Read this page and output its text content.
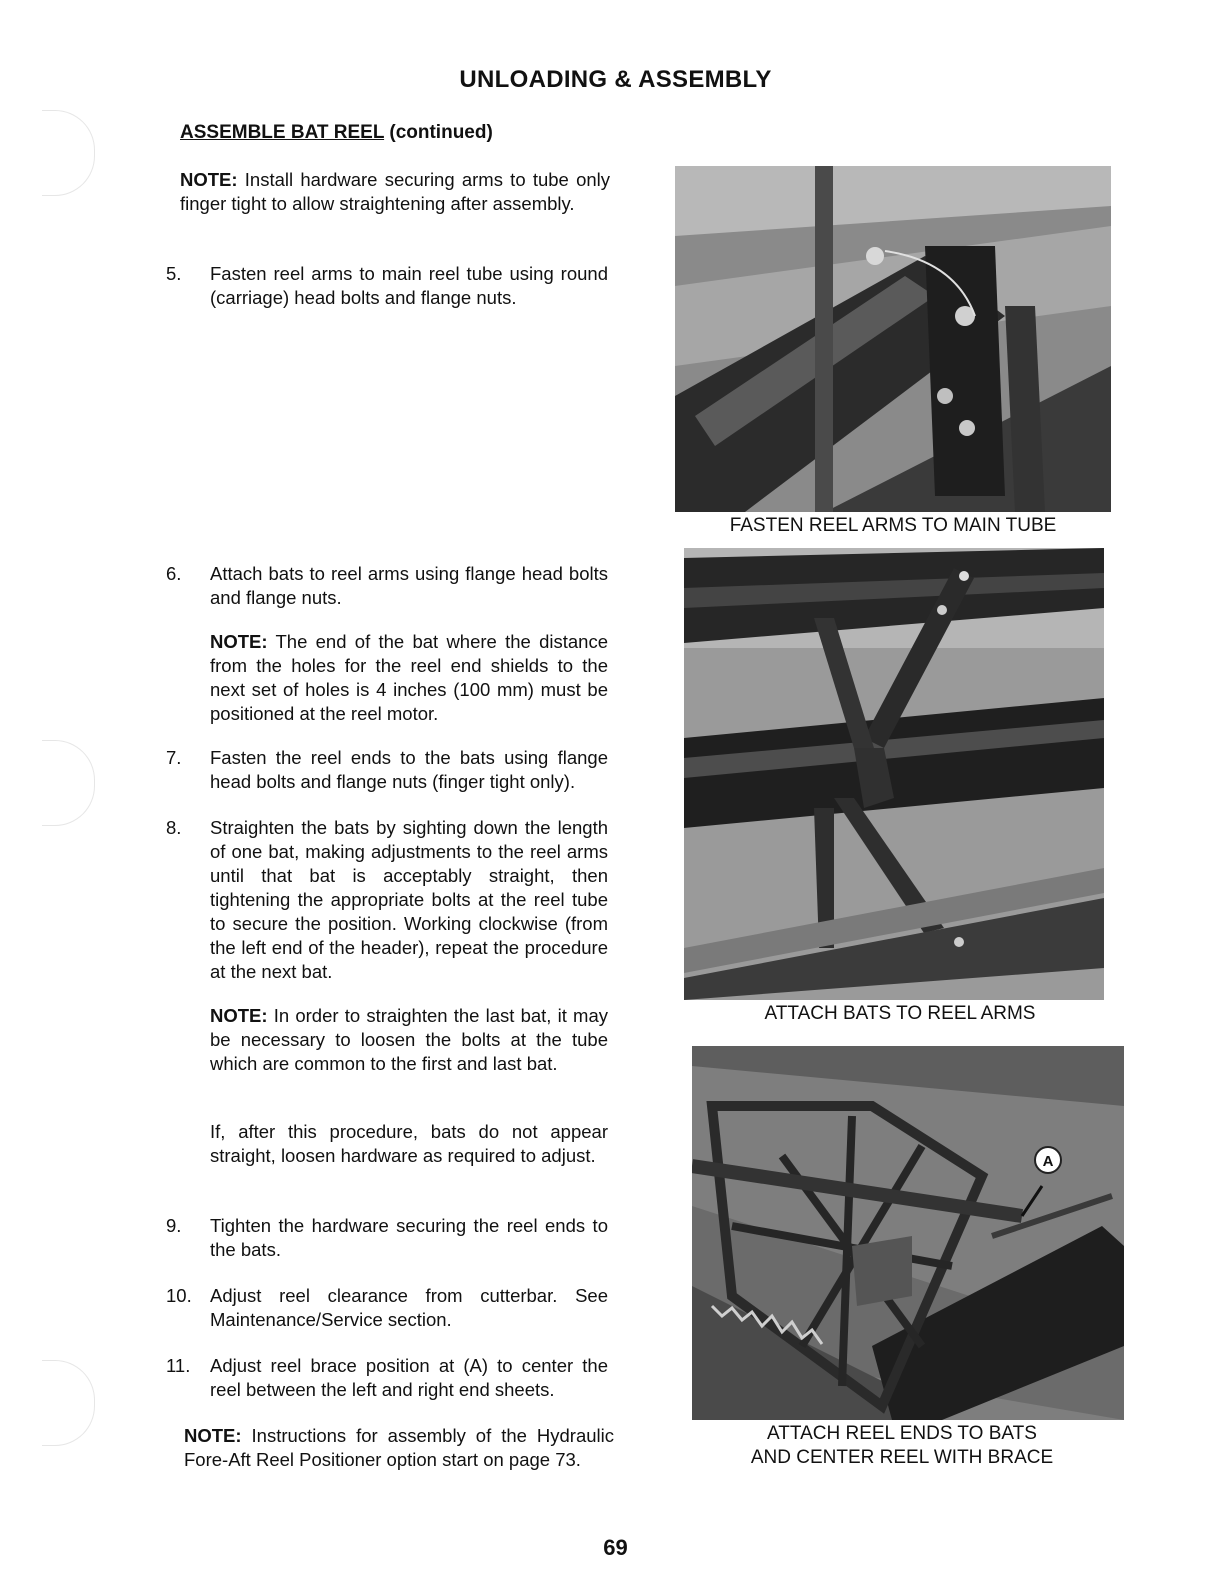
UNLOADING & ASSEMBLY
ASSEMBLE BAT REEL (continued)
NOTE: Install hardware securing arms to tube only finger tight to allow straightening after assembly.
5.	Fasten reel arms to main reel tube using round (carriage) head bolts and flange nuts.
6.	Attach bats to reel arms using flange head bolts and flange nuts.
NOTE: The end of the bat where the distance from the holes for the reel end shields to the next set of holes is 4 inches (100 mm) must be positioned at the reel motor.
7.	Fasten the reel ends to the bats using flange head bolts and flange nuts (finger tight only).
8.	Straighten the bats by sighting down the length of one bat, making adjustments to the reel arms until that bat is acceptably straight, then tightening the appropriate bolts at the reel tube to secure the position. Working clockwise (from the left end of the header), repeat the procedure at the next bat.
NOTE: In order to straighten the last bat, it may be necessary to loosen the bolts at the tube which are common to the first and last bat.
If, after this procedure, bats do not appear straight, loosen hardware as required to adjust.
9.	Tighten the hardware securing the reel ends to the bats.
10. Adjust reel clearance from cutterbar. See Maintenance/Service section.
11.	Adjust reel brace position at (A) to center the reel between the left and right end sheets.
NOTE: Instructions for assembly of the Hydraulic Fore-Aft Reel Positioner option start on page 73.
FASTEN REEL ARMS TO MAIN TUBE
ATTACH BATS TO REEL ARMS
A
ATTACH REEL ENDS TO BATS
AND CENTER REEL WITH BRACE
69
